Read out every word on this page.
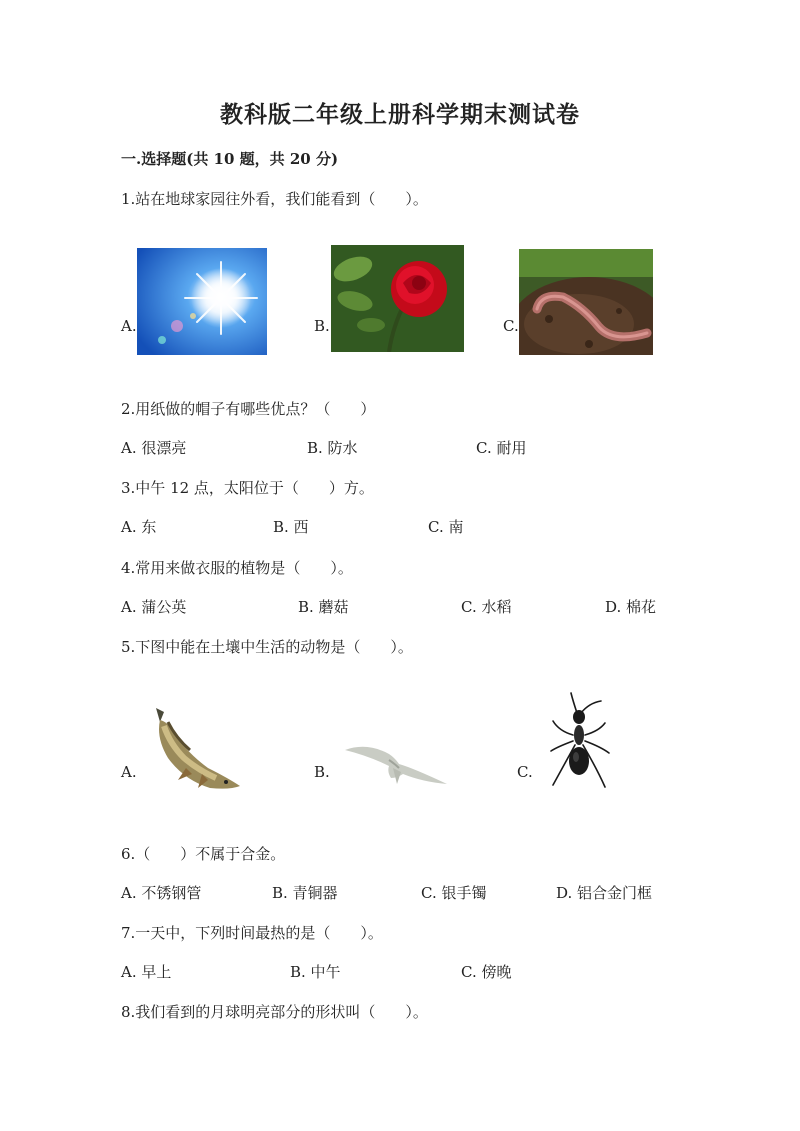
教科版二年级上册科学期末测试卷
一.选择题(共 10 题，共 20 分)
1.站在地球家园往外看，我们能看到（　　）。
A.	B.	C.
2.用纸做的帽子有哪些优点？（　　）
A. 很漂亮	B. 防水	C. 耐用
3.中午 12 点，太阳位于（　　）方。
A. 东	B. 西	C. 南
4.常用来做衣服的植物是（　　）。
A. 蒲公英	B. 蘑菇	C. 水稻	D. 棉花
5.下图中能在土壤中生活的动物是（　　）。
A.	B.	C.
6.（　　）不属于合金。
A. 不锈钢管	B. 青铜器	C. 银手镯	D. 铝合金门框
7.一天中，下列时间最热的是（　　）。
A. 早上	B. 中午	C. 傍晚
8.我们看到的月球明亮部分的形状叫（　　）。
